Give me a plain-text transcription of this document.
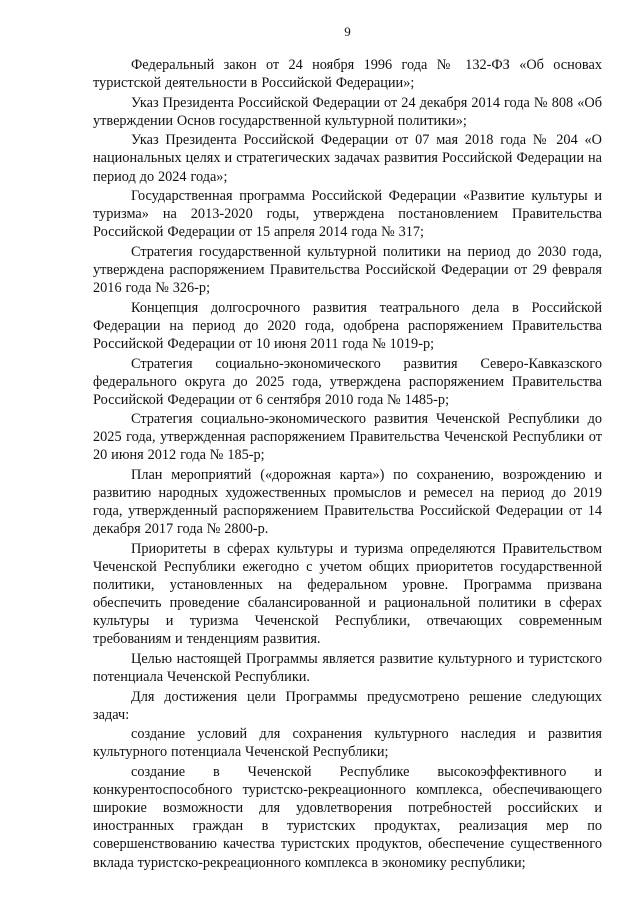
9

Федеральный закон от 24 ноября 1996 года № 132-ФЗ «Об основах туристской деятельности в Российской Федерации»;

Указ Президента Российской Федерации от 24 декабря 2014 года № 808 «Об утверждении Основ государственной культурной политики»;

Указ Президента Российской Федерации от 07 мая 2018 года № 204 «О национальных целях и стратегических задачах развития Российской Федерации на период до 2024 года»;

Государственная программа Российской Федерации «Развитие культуры и туризма» на 2013-2020 годы, утверждена постановлением Правительства Российской Федерации от 15 апреля 2014 года № 317;

Стратегия государственной культурной политики на период до 2030 года, утверждена распоряжением Правительства Российской Федерации от 29 февраля 2016 года № 326-р;

Концепция долгосрочного развития театрального дела в Российской Федерации на период до 2020 года, одобрена распоряжением Правительства Российской Федерации от 10 июня 2011 года № 1019-р;

Стратегия социально-экономического развития Северо-Кавказского федерального округа до 2025 года, утверждена распоряжением Правительства Российской Федерации от 6 сентября 2010 года № 1485-р;

Стратегия социально-экономического развития Чеченской Республики до 2025 года, утвержденная распоряжением Правительства Чеченской Республики от 20 июня 2012 года № 185-р;

План мероприятий («дорожная карта») по сохранению, возрождению и развитию народных художественных промыслов и ремесел на период до 2019 года, утвержденный распоряжением Правительства Российской Федерации от 14 декабря 2017 года № 2800-р.

Приоритеты в сферах культуры и туризма определяются Правительством Чеченской Республики ежегодно с учетом общих приоритетов государственной политики, установленных на федеральном уровне. Программа призвана обеспечить проведение сбалансированной и рациональной политики в сферах культуры и туризма Чеченской Республики, отвечающих современным требованиям и тенденциям развития.

Целью настоящей Программы является развитие культурного и туристского потенциала Чеченской Республики.

Для достижения цели Программы предусмотрено решение следующих задач:

создание условий для сохранения культурного наследия и развития культурного потенциала Чеченской Республики;

создание в Чеченской Республике высокоэффективного и конкурентоспособного туристско-рекреационного комплекса, обеспечивающего широкие возможности для удовлетворения потребностей российских и иностранных граждан в туристских продуктах, реализация мер по совершенствованию качества туристских продуктов, обеспечение существенного вклада туристско-рекреационного комплекса в экономику республики;
